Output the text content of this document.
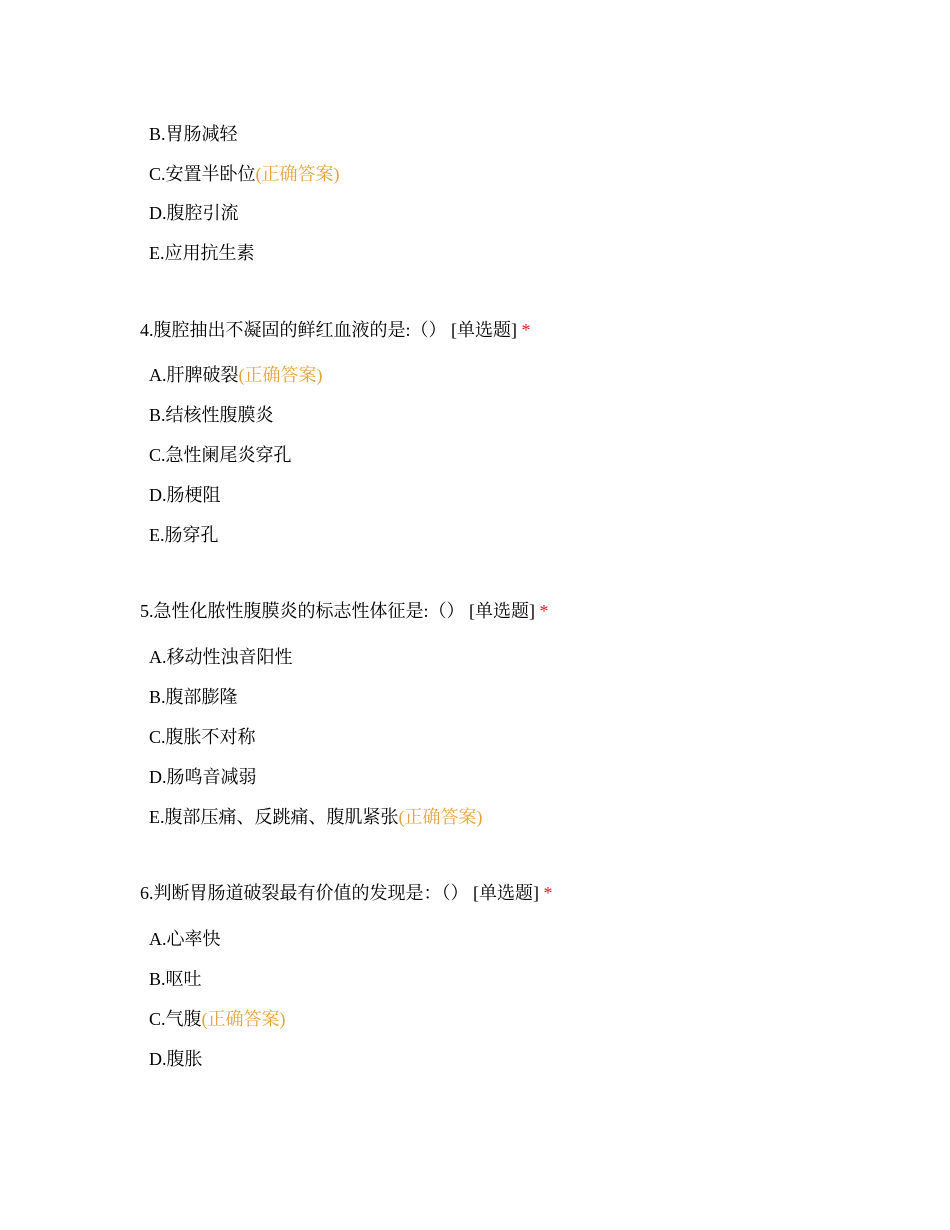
B.胃肠减轻
C.安置半卧位(正确答案)
D.腹腔引流
E.应用抗生素
4.腹腔抽出不凝固的鲜红血液的是:（） [单选题] *
A.肝脾破裂(正确答案)
B.结核性腹膜炎
C.急性阑尾炎穿孔
D.肠梗阻
E.肠穿孔
5.急性化脓性腹膜炎的标志性体征是:（） [单选题] *
A.移动性浊音阳性
B.腹部膨隆
C.腹胀不对称
D.肠鸣音减弱
E.腹部压痛、反跳痛、腹肌紧张(正确答案)
6.判断胃肠道破裂最有价值的发现是：（） [单选题] *
A.心率快
B.呕吐
C.气腹(正确答案)
D.腹胀
